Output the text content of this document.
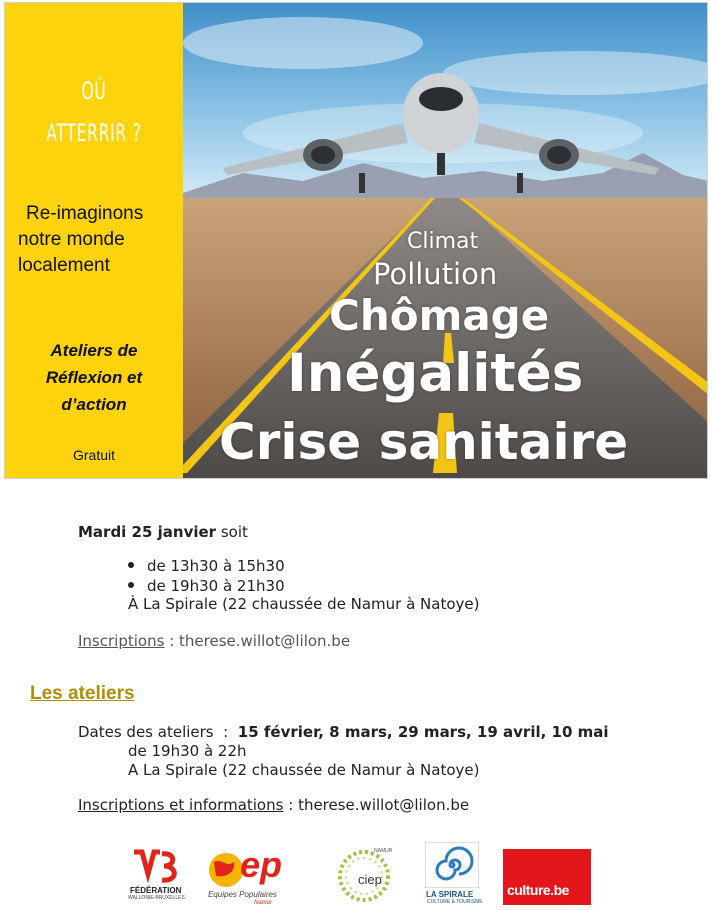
OÙ
ATTERRIR ?
Re-imaginons
notre monde
localement
Ateliers de
Réflexion et
d’action
Gratuit
Climat
Pollution
Chômage
Inégalités
Crise sanitaire
Mardi 25 janvier soit
de 13h30 à 15h30
de 19h30 à 21h30
À La Spirale (22 chaussée de Namur à Natoye)
Inscriptions : therese.willot@lilon.be
Les ateliers
Dates des ateliers : 15 février, 8 mars, 29 mars, 19 avril, 10 mai
de 19h30 à 22h
A La Spirale (22 chaussée de Namur à Natoye)
Inscriptions et informations : therese.willot@lilon.be
FÉDÉRATION
WALLONIE-BRUXELLES
ep
Equipes Populaires
Namur
NAMUR
ciep
LA SPIRALE
CULTURE & TOURISME
culture.be
